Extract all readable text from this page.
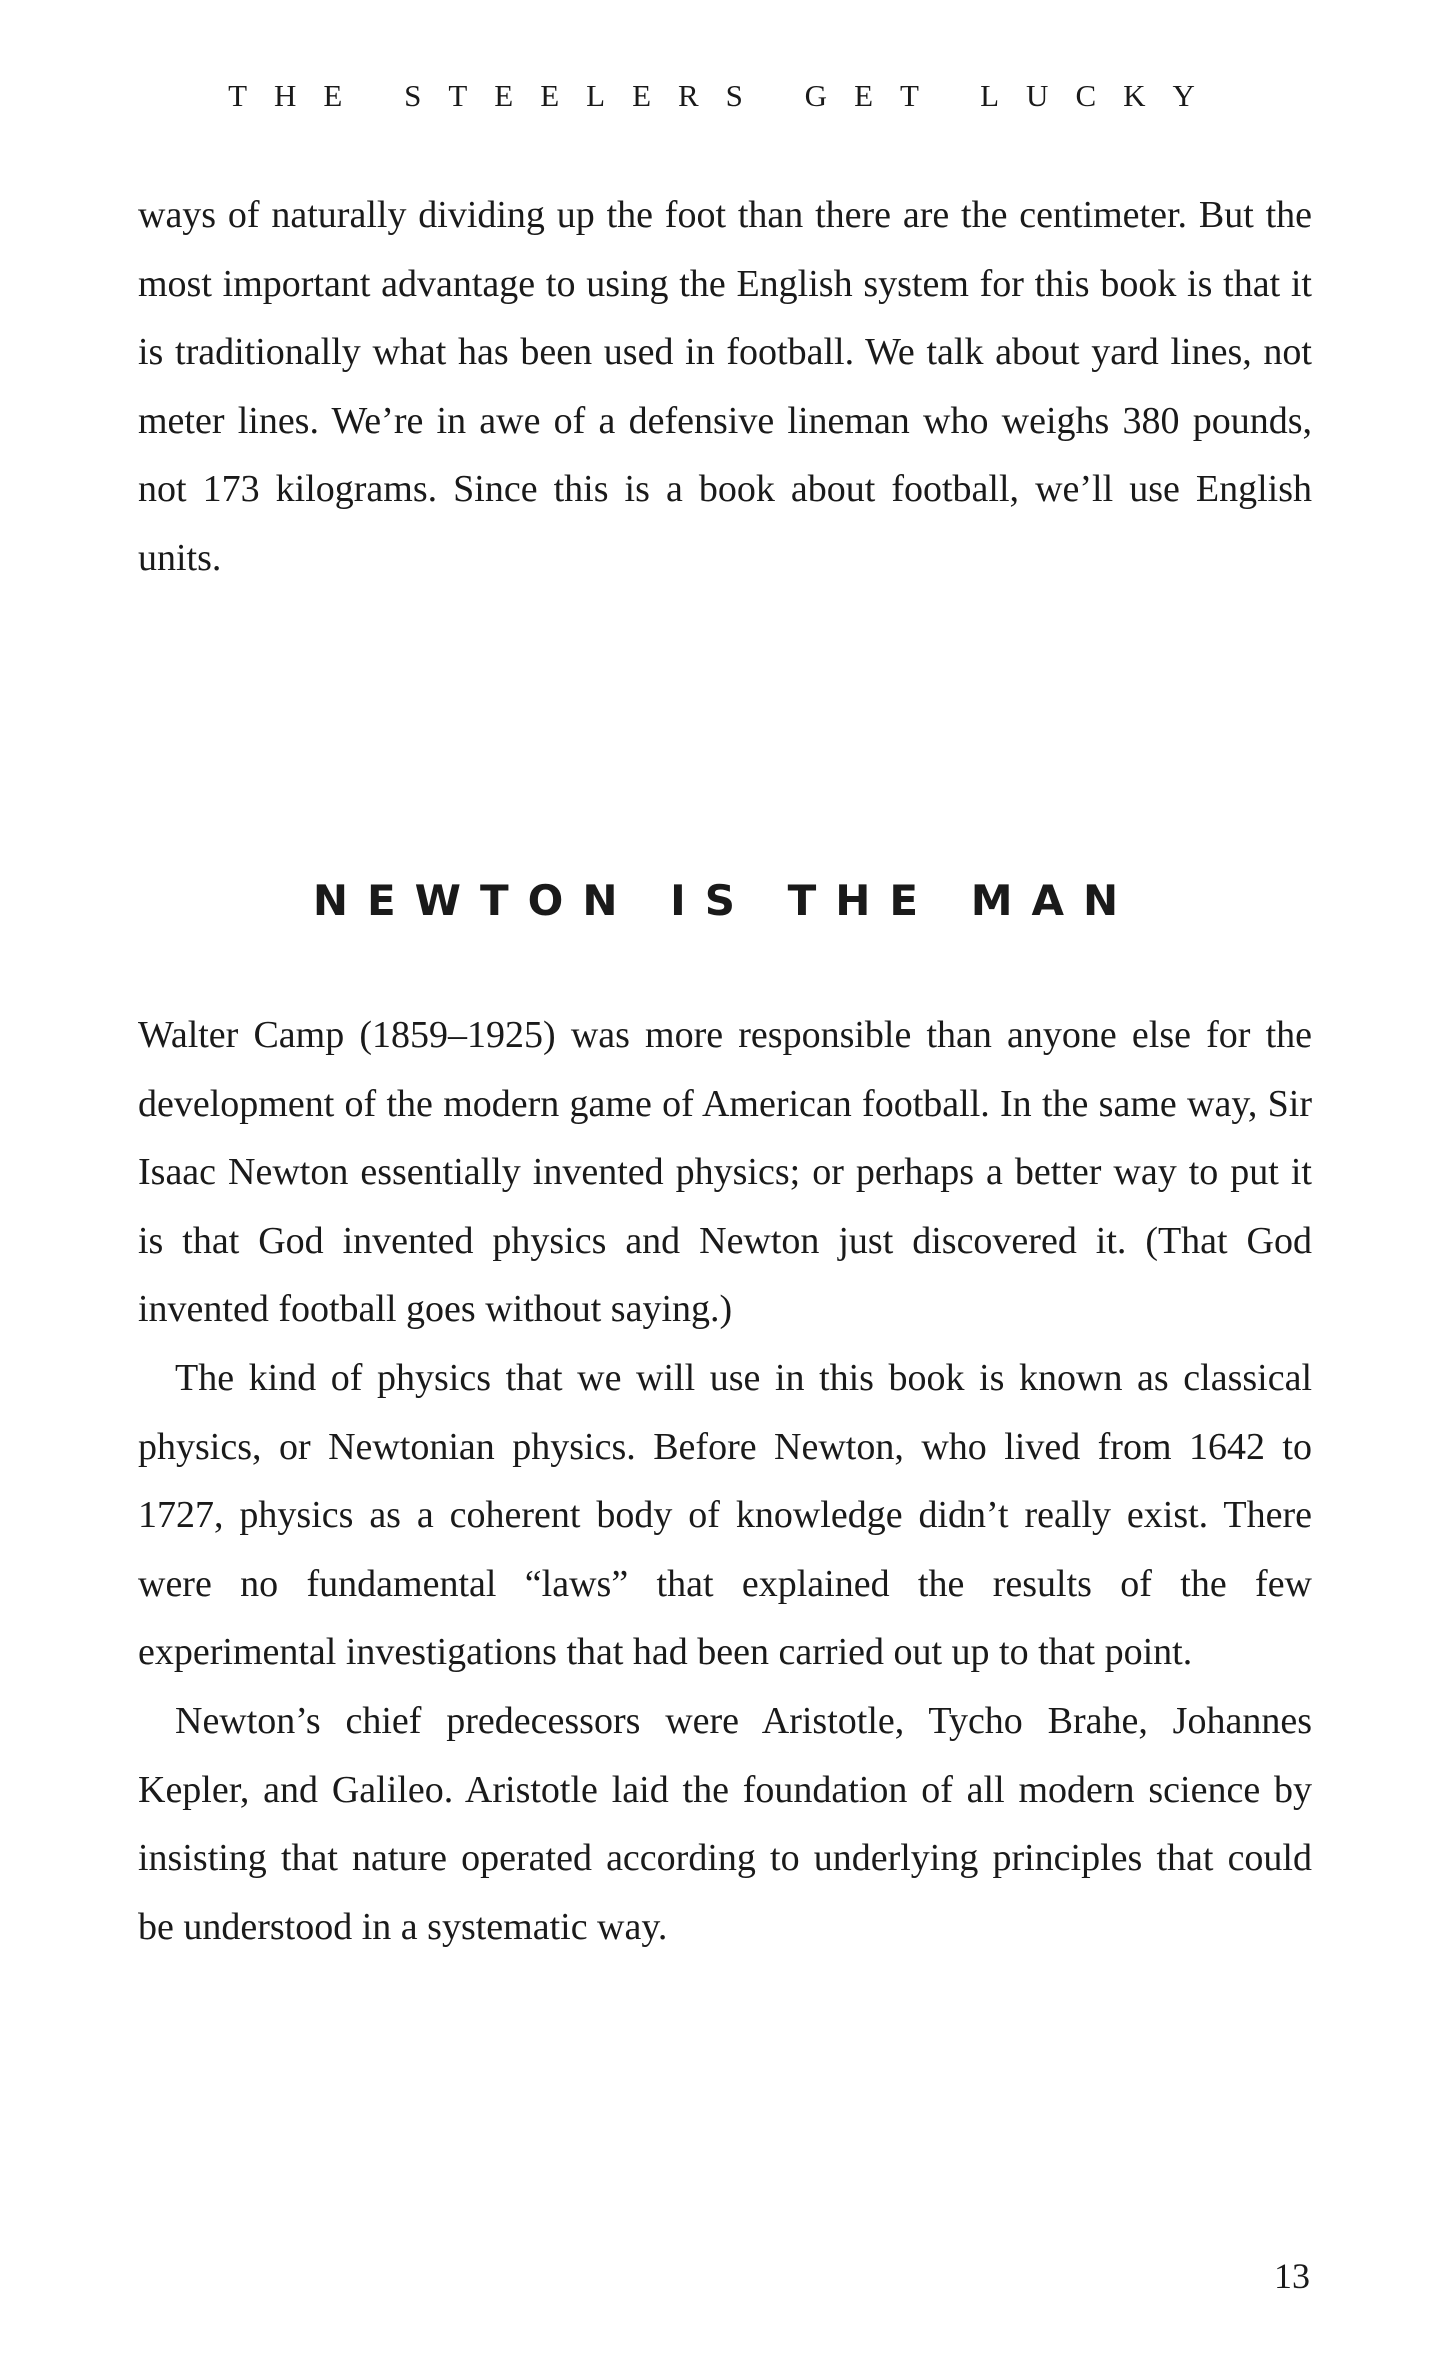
THE STEELERS GET LUCKY

ways of naturally dividing up the foot than there are the centimeter. But the most important advantage to using the English system for this book is that it is traditionally what has been used in football. We talk about yard lines, not meter lines. We’re in awe of a defensive lineman who weighs 380 pounds, not 173 kilograms. Since this is a book about football, we’ll use English units.

NEWTON IS THE MAN

Walter Camp (1859–1925) was more responsible than anyone else for the development of the modern game of American football. In the same way, Sir Isaac Newton essentially invented physics; or perhaps a better way to put it is that God invented physics and Newton just discovered it. (That God invented football goes without saying.)

The kind of physics that we will use in this book is known as classical physics, or Newtonian physics. Before Newton, who lived from 1642 to 1727, physics as a coherent body of knowledge didn’t really exist. There were no fundamental “laws” that explained the results of the few experimental investigations that had been carried out up to that point.

Newton’s chief predecessors were Aristotle, Tycho Brahe, Johannes Kepler, and Galileo. Aristotle laid the foundation of all modern science by insisting that nature operated according to underlying principles that could be understood in a systematic way.

13
